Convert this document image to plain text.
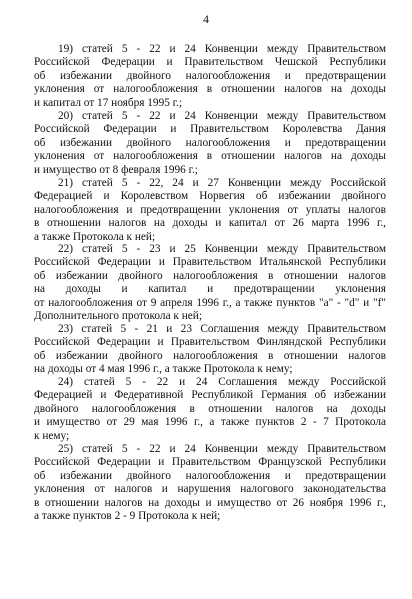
4
19) статей 5 - 22 и 24 Конвенции между Правительством
Российской Федерации и Правительством Чешской Республики
об избежании двойного налогообложения и предотвращении
уклонения от налогообложения в отношении налогов на доходы
и капитал от 17 ноября 1995 г.;
20) статей 5 - 22 и 24 Конвенции между Правительством
Российской Федерации и Правительством Королевства Дания
об избежании двойного налогообложения и предотвращении
уклонения от налогообложения в отношении налогов на доходы
и имущество от 8 февраля 1996 г.;
21) статей 5 - 22, 24 и 27 Конвенции между Российской
Федерацией и Королевством Норвегия об избежании двойного
налогообложения и предотвращении уклонения от уплаты налогов
в отношении налогов на доходы и капитал от 26 марта 1996 г.,
а также Протокола к ней;
22) статей 5 - 23 и 25 Конвенции между Правительством
Российской Федерации и Правительством Итальянской Республики
об избежании двойного налогообложения в отношении налогов
на доходы и капитал и предотвращении уклонения
от налогообложения от 9 апреля 1996 г., а также пунктов "a" - "d" и "f"
Дополнительного протокола к ней;
23) статей 5 - 21 и 23 Соглашения между Правительством
Российской Федерации и Правительством Финляндской Республики
об избежании двойного налогообложения в отношении налогов
на доходы от 4 мая 1996 г., а также Протокола к нему;
24) статей 5 - 22 и 24 Соглашения между Российской
Федерацией и Федеративной Республикой Германия об избежании
двойного налогообложения в отношении налогов на доходы
и имущество от 29 мая 1996 г., а также пунктов 2 - 7 Протокола
к нему;
25) статей 5 - 22 и 24 Конвенции между Правительством
Российской Федерации и Правительством Французской Республики
об избежании двойного налогообложения и предотвращении
уклонения от налогов и нарушения налогового законодательства
в отношении налогов на доходы и имущество от 26 ноября 1996 г.,
а также пунктов 2 - 9 Протокола к ней;
